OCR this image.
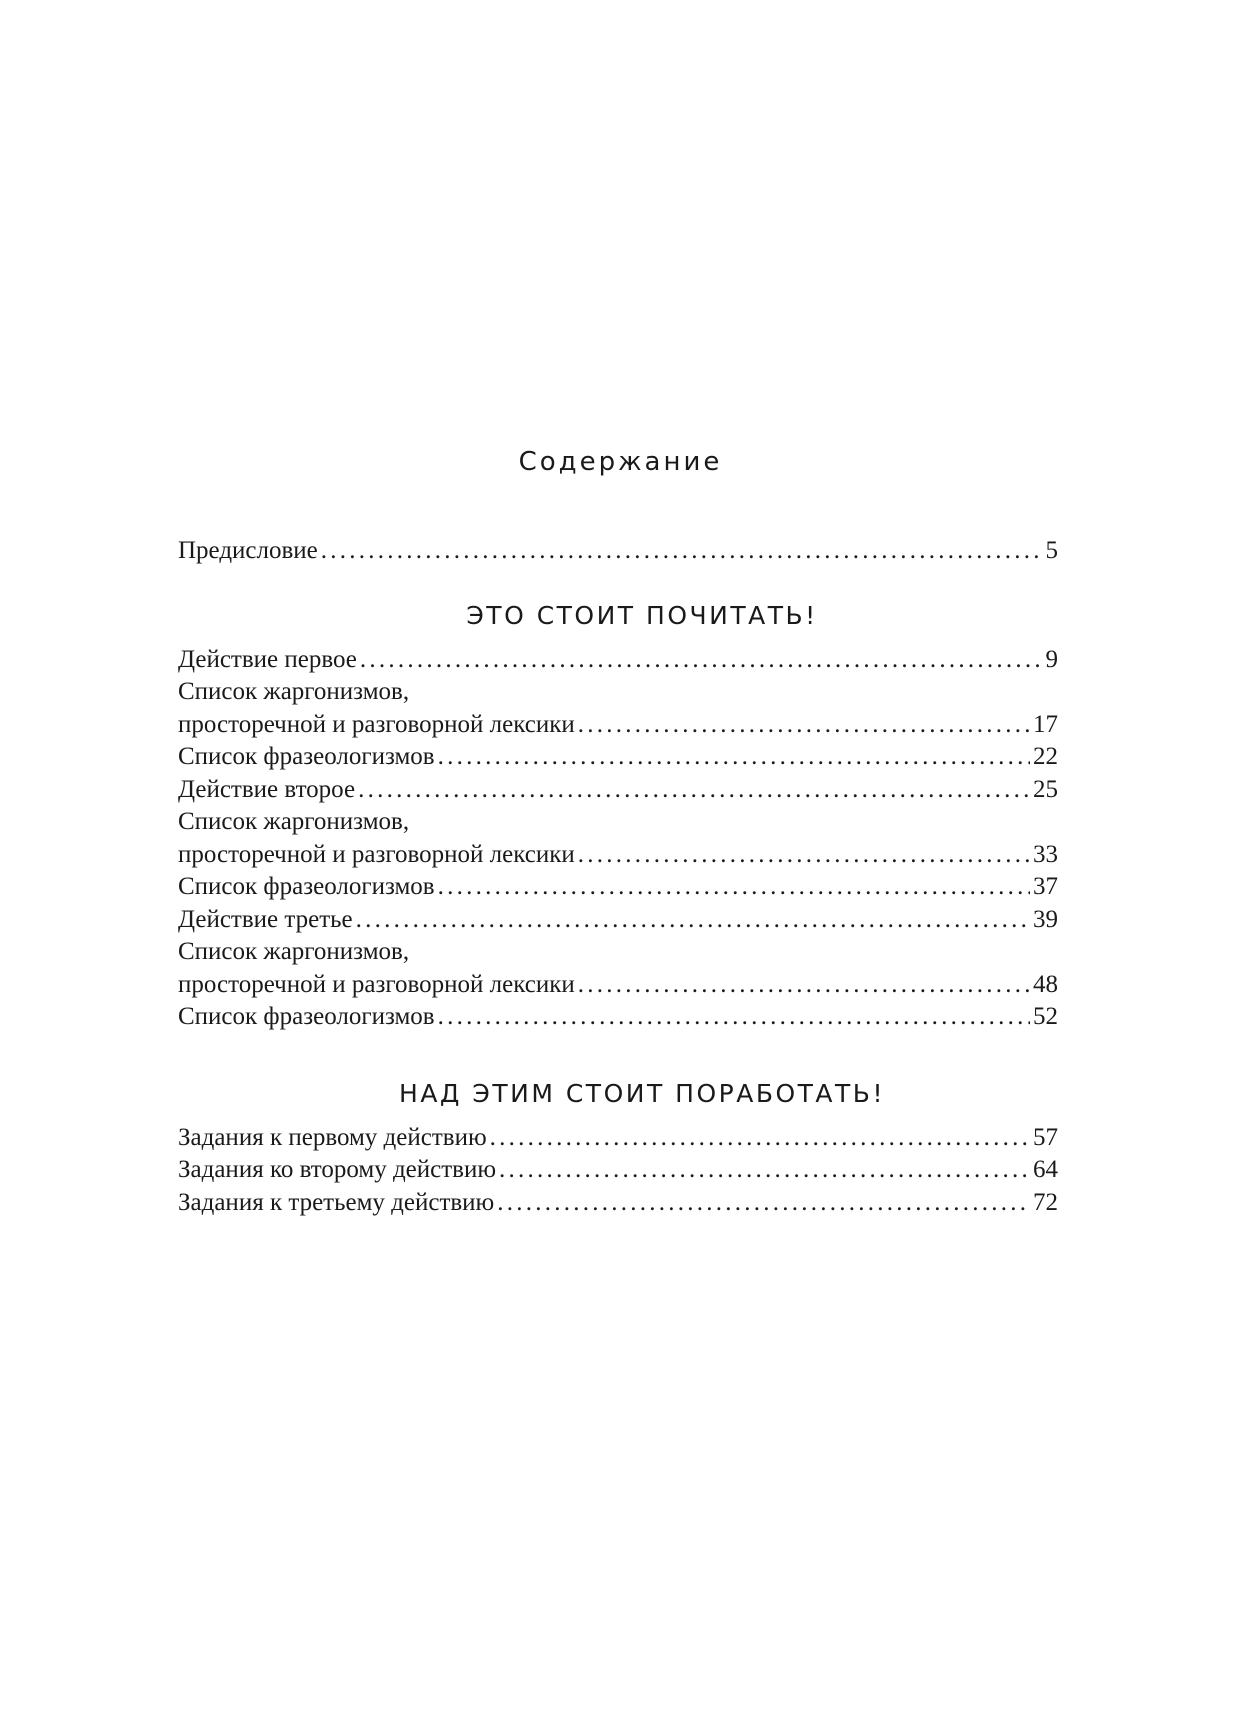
Содержание
Предисловие . . .	5
ЭТО СТОИТ ПОЧИТАТЬ!
Действие первое . . .	9
Список жаргонизмов,
просторечной и разговорной лексики . . .	17
Список фразеологизмов . . .	22
Действие второе . . .	25
Список жаргонизмов,
просторечной и разговорной лексики . . .	33
Список фразеологизмов . . .	37
Действие третье . . .	39
Список жаргонизмов,
просторечной и разговорной лексики . . .	48
Список фразеологизмов . . .	52
НАД ЭТИМ СТОИТ ПОРАБОТАТЬ!
Задания к первому действию . . .	57
Задания ко второму действию . . .	64
Задания к третьему действию . . .	72
